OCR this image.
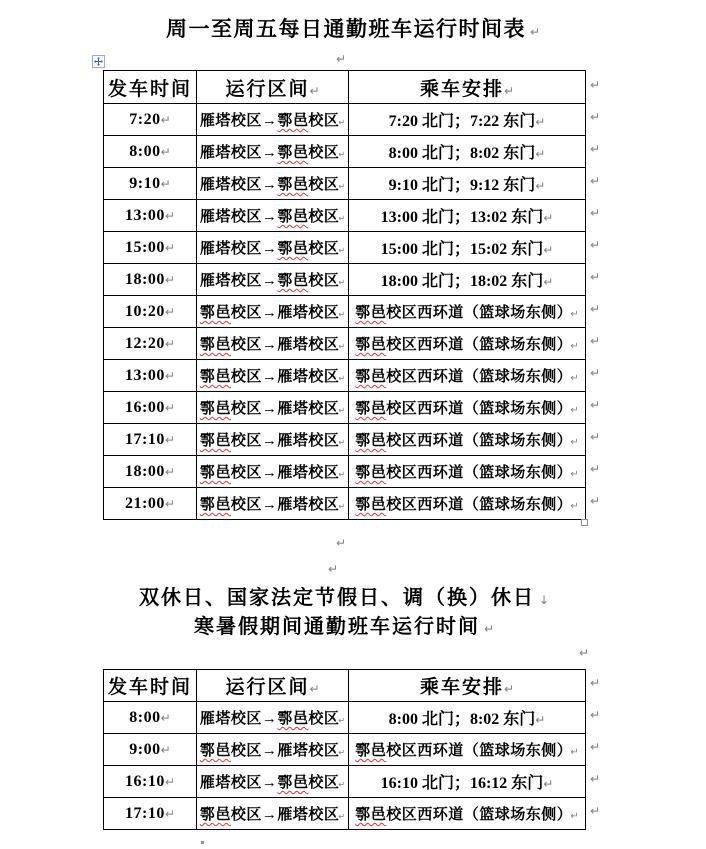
周一至周五每日通勤班车运行时间表 ↵
↵
发车时间	运行区间↵	乘车安排↵
7:20↵	雁塔校区→鄠邑校区↵	7:20 北门；7:22 东门↵
8:00↵	雁塔校区→鄠邑校区↵	8:00 北门；8:02 东门↵
9:10↵	雁塔校区→鄠邑校区↵	9:10 北门；9:12 东门↵
13:00↵	雁塔校区→鄠邑校区↵	13:00 北门；13:02 东门↵
15:00↵	雁塔校区→鄠邑校区↵	15:00 北门；15:02 东门↵
18:00↵	雁塔校区→鄠邑校区↵	18:00 北门；18:02 东门↵
10:20↵	鄠邑校区→雁塔校区↵	鄠邑校区西环道（篮球场东侧）↵
12:20↵	鄠邑校区→雁塔校区↵	鄠邑校区西环道（篮球场东侧）↵
13:00↵	鄠邑校区→雁塔校区↵	鄠邑校区西环道（篮球场东侧）↵
16:00↵	鄠邑校区→雁塔校区↵	鄠邑校区西环道（篮球场东侧）↵
17:10↵	鄠邑校区→雁塔校区↵	鄠邑校区西环道（篮球场东侧）↵
18:00↵	鄠邑校区→雁塔校区↵	鄠邑校区西环道（篮球场东侧）↵
21:00↵	鄠邑校区→雁塔校区↵	鄠邑校区西环道（篮球场东侧）↵
↵
↵
↵
↵
↵
↵
↵
↵
↵
↵
↵
↵
↵
↵
↵
↵
双休日、国家法定节假日、调（换）休日 ↓
寒暑假期间通勤班车运行时间 ↵
↵
发车时间	运行区间↵	乘车安排↵
8:00↵	雁塔校区→鄠邑校区↵	8:00 北门；8:02 东门↵
9:00↵	鄠邑校区→雁塔校区↵	鄠邑校区西环道（篮球场东侧）↵
16:10↵	雁塔校区→鄠邑校区↵	16:10 北门；16:12 东门↵
17:10↵	鄠邑校区→雁塔校区↵	鄠邑校区西环道（篮球场东侧）↵
↵
↵
↵
↵
↵
